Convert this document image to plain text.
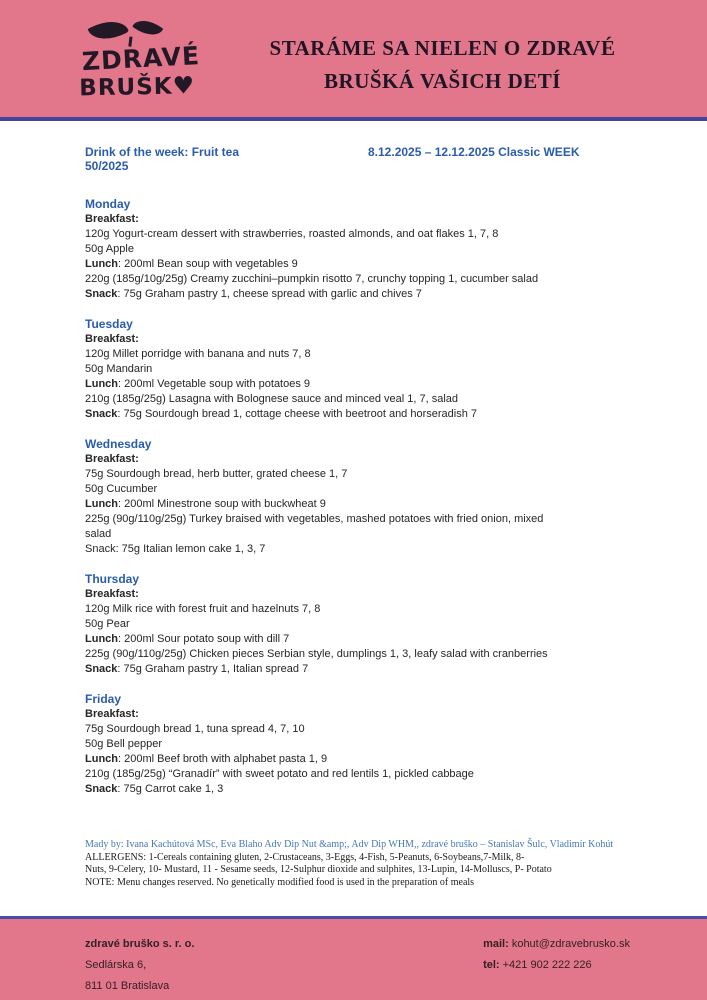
ZDRAVÉ
BRUŠK♥
STARÁME SA NIELEN O ZDRAVÉ
BRUŠKÁ VAŠICH DETÍ
Drink of the week: Fruit tea
50/2025
8.12.2025 – 12.12.2025 Classic WEEK
Monday
Breakfast:
120g Yogurt-cream dessert with strawberries, roasted almonds, and oat flakes 1, 7, 8
50g Apple
Lunch: 200ml Bean soup with vegetables 9
220g (185g/10g/25g) Creamy zucchini–pumpkin risotto 7, crunchy topping 1, cucumber salad
Snack: 75g Graham pastry 1, cheese spread with garlic and chives 7
Tuesday
Breakfast:
120g Millet porridge with banana and nuts 7, 8
50g Mandarin
Lunch: 200ml Vegetable soup with potatoes 9
210g (185g/25g) Lasagna with Bolognese sauce and minced veal 1, 7, salad
Snack: 75g Sourdough bread 1, cottage cheese with beetroot and horseradish 7
Wednesday
Breakfast:
75g Sourdough bread, herb butter, grated cheese 1, 7
50g Cucumber
Lunch: 200ml Minestrone soup with buckwheat 9
225g (90g/110g/25g) Turkey braised with vegetables, mashed potatoes with fried onion, mixed
salad
Snack: 75g Italian lemon cake 1, 3, 7
Thursday
Breakfast:
120g Milk rice with forest fruit and hazelnuts 7, 8
50g Pear
Lunch: 200ml Sour potato soup with dill 7
225g (90g/110g/25g) Chicken pieces Serbian style, dumplings 1, 3, leafy salad with cranberries
Snack: 75g Graham pastry 1, Italian spread 7
Friday
Breakfast:
75g Sourdough bread 1, tuna spread 4, 7, 10
50g Bell pepper
Lunch: 200ml Beef broth with alphabet pasta 1, 9
210g (185g/25g) “Granadír” with sweet potato and red lentils 1, pickled cabbage
Snack: 75g Carrot cake 1, 3
Mady by: Ivana Kachútová MSc, Eva Blaho Adv Dip Nut &amp;, Adv Dip WHM,, zdravé bruško – Stanislav Šulc, Vladimír Kohút
ALLERGENS: 1-Cereals containing gluten, 2-Crustaceans, 3-Eggs, 4-Fish, 5-Peanuts, 6-Soybeans,7-Milk, 8-
Nuts, 9-Celery, 10- Mustard, 11 - Sesame seeds, 12-Sulphur dioxide and sulphites, 13-Lupin, 14-Molluscs, P- Potato
NOTE: Menu changes reserved. No genetically modified food is used in the preparation of meals
zdravé bruško s. r. o.
Sedlárska 6,
811 01 Bratislava
mail: kohut@zdravebrusko.sk
tel: +421 902 222 226
